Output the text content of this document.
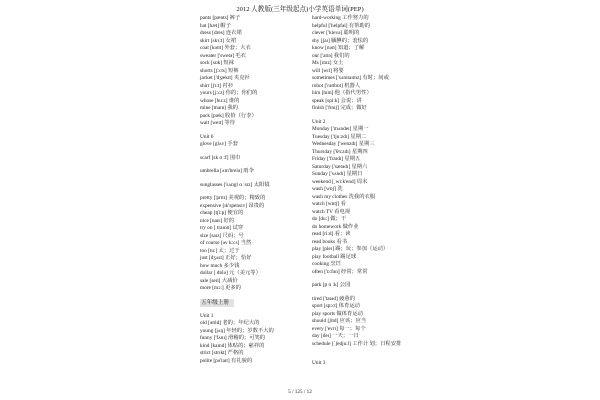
2012 人教版(三年级起点)小学英语单词(PEP)
pants [pænts] 裤子
hat [hæt] 帽子
dress [dres] 连衣裙
skirt [skɜ:t] 女裙
coat [kəʊt] 外套；大衣
sweater ['swetə] 毛衣
sock [sɒk] 短袜
shorts [ʃɔ:ts] 短裤
jacket ['dʒækɪt] 夹克衫
shirt [ʃɜ:t] 衬衫
yours [jɔ:z] 你的；你们的
whose [hu:z] 谁的
mine [maɪn] 我的
pack [pæk] 收拾（行李）
wait [weɪt] 等待
Unit 6
glove [glʌv] 手套
scarf [sk ɑ :f] 围巾
umbrella [ʌm'brelə] 雨伞
sunglasses ['sʌngl ɑ :sɪz] 太阳镜
pretty ['prɪtɪ] 美观的；精致的
expensive [ɪk'spensɪv] 昂贵的
cheap [tʃi:p] 便宜的
nice [naɪs] 好的
try on [ traɪɒn] 试穿
size [saɪz] 尺码；号
of course [əv kɔ:s] 当然
too [tu:] 太；过于
just [dʒʌst] 正好；恰好
how much 多少钱
dollar [ dɒlə] 元（美元等）
sale [seɪl] 大减价
more [mɔ:] 更多的
五年级上册
Unit 1
old [əʊld] 老的；年纪大的
young [jʌŋ] 年轻的；岁数不大的
funny ['fʌnɪ] 滑稽的；可笑的
kind [kaɪnd] 体贴的；慈祥的
strict [strɪkt] 严格的
polite [pə'laɪt] 有礼貌的
hard-working 工作努力的
helpful ['helpfəl] 有帮助的
clever ['klevə] 聪明的
shy [ʃaɪ] 腼腆的；羞怯的
know [nəʊ] 知道；了解
our ['aʊə] 我们的
Ms [mɪz] 女士
will [wɪl] 将要
sometimes ['sʌmtaɪmz] 有时；间或
robot ['rəʊbɒt] 机器人
him [hɪm] 他（指代男性）
speak [spi:k] 会说；讲
finish ['fɪnɪʃ] 完成；做好
Unit 2
Monday ['mʌndeɪ] 星期一
Tuesday ['tju:zdɪ] 星期二
Wednesday ['wenzdɪ] 星期三
Thursday ['θɜ:zdɪ] 星期四
Friday ['fraɪdɪ] 星期五
Saturday ['sætədɪ] 星期六
Sunday ['sʌndɪ] 星期日
weekend [ˌwi:k'end] 周末
wash [wɒʃ] 洗
wash my clothes 洗我的衣服
watch [wɒtʃ] 看
watch TV 看电视
do [du:] 做；干
do homework 做作业
read [ri:d] 看；读
read books 看书
play [pleɪ] 踢；玩；参加（运动）
play football 踢足球
cooking 烹饪
often ['ɒ:fən] 经常；常常
park [p ɑ :k] 公园
tired ['taɪəd] 疲惫的
sport [spɔ:t] 体育运动
play sports 做体育运动
should [ʃʊd] 应该；应当
every ['evrɪ] 每一；每个
day [deɪ] 一天；一日
schedule [ˈʃedju:l] 工作计 划；日程安排
Unit 3
5 / 125 / 12
